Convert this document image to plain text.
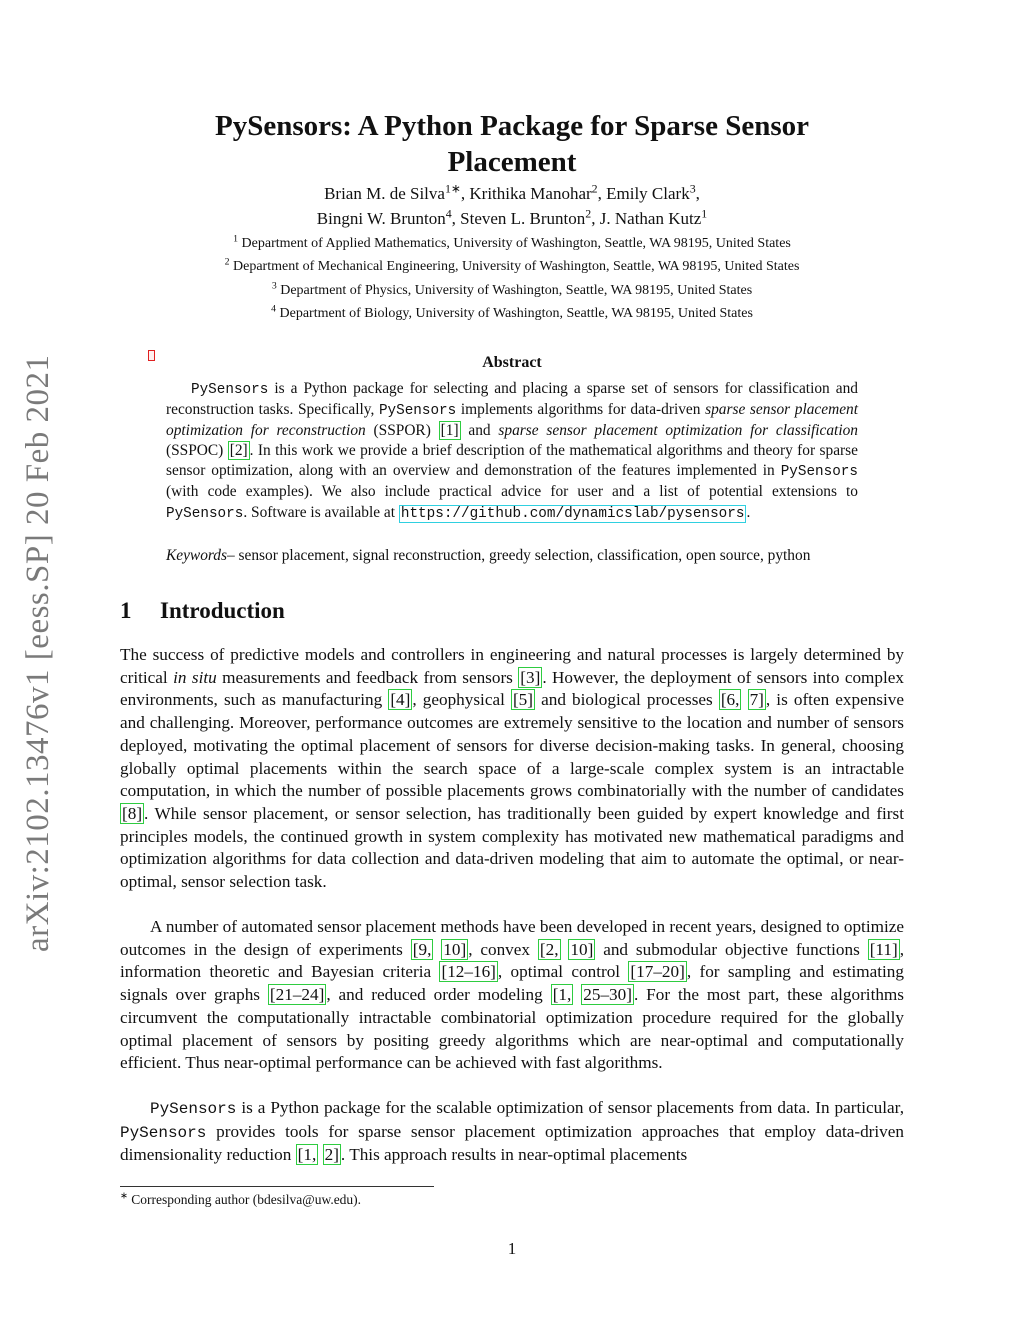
arXiv:2102.13476v1 [eess.SP] 20 Feb 2021
PySensors: A Python Package for Sparse Sensor
Placement
Brian M. de Silva$^{1∗}$, Krithika Manohar$^2$, Emily Clark$^3$,
Bingni W. Brunton$^4$, Steven L. Brunton$^2$, J. Nathan Kutz$^1$
$^1$ Department of Applied Mathematics, University of Washington, Seattle, WA 98195, United States
$^2$ Department of Mechanical Engineering, University of Washington, Seattle, WA 98195, United States
$^3$ Department of Physics, University of Washington, Seattle, WA 98195, United States
$^4$ Department of Biology, University of Washington, Seattle, WA 98195, United States
Abstract
PySensors is a Python package for selecting and placing a sparse set of sensors for classification and reconstruction tasks. Specifically, PySensors implements algorithms for data-driven sparse sensor placement optimization for reconstruction (SSPOR) [1] and sparse sensor placement optimization for classification (SSPOC) [2] . In this work we provide a brief description of the mathematical algorithms and theory for sparse sensor optimization, along with an overview and demonstration of the features implemented in PySensors (with code examples). We also include practical advice for user and a list of potential extensions to PySensors. Software is available at https://github.com/dynamicslab/pysensors .
Keywords– sensor placement, signal reconstruction, greedy selection, classification, open source, python
1 Introduction
The success of predictive models and controllers in engineering and natural processes is largely determined by critical in situ measurements and feedback from sensors [3] . However, the deployment of sensors into complex environments, such as manufacturing [4] , geophysical [5] and biological processes [6, 7] , is often expensive and challenging. Moreover, performance outcomes are extremely sensitive to the location and number of sensors deployed, motivating the optimal placement of sensors for diverse decision-making tasks. In general, choosing globally optimal placements within the search space of a large-scale complex system is an intractable computation, in which the number of possible placements grows combinatorially with the number of candidates [8] . While sensor placement, or sensor selection, has traditionally been guided by expert knowledge and first principles models, the continued growth in system complexity has motivated new mathematical paradigms and optimization algorithms for data collection and data-driven modeling that aim to automate the optimal, or near-optimal, sensor selection task.
A number of automated sensor placement methods have been developed in recent years, designed to optimize outcomes in the design of experiments [9, 10] , convex [2, 10] and submodular objective functions [11] , information theoretic and Bayesian criteria [12–16] , optimal control [17–20] , for sampling and estimating signals over graphs [21–24] , and reduced order modeling [1, 25–30] . For the most part, these algorithms circumvent the computationally intractable combinatorial optimization procedure required for the globally optimal placement of sensors by positing greedy algorithms which are near-optimal and computationally efficient. Thus near-optimal performance can be achieved with fast algorithms.
PySensors is a Python package for the scalable optimization of sensor placements from data. In particular, PySensors provides tools for sparse sensor placement optimization approaches that employ data-driven dimensionality reduction [1, 2] . This approach results in near-optimal placements
∗ Corresponding author (bdesilva@uw.edu).
1
